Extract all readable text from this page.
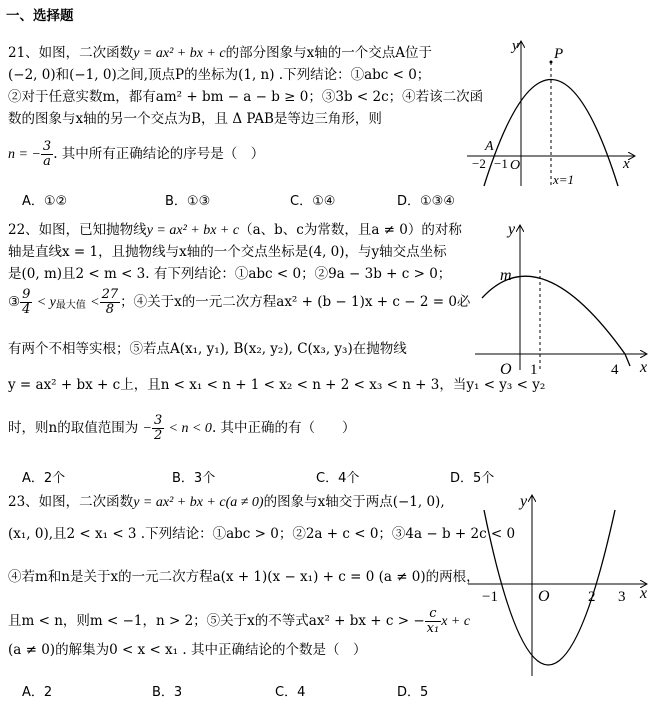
一、选择题
21、如图，二次函数y = ax² + bx + c的部分图象与x轴的一个交点A位于
(−2, 0)和(−1, 0)之间,顶点P的坐标为(1, n) .下列结论：①abc < 0；
②对于任意实数m，都有am² + bm − a − b ≥ 0；③3b < 2c；④若该二次函
数的图象与x轴的另一个交点为B，且 Δ PAB是等边三角形，则
n = − $\frac{3}{a}$ . 其中所有正确结论的序号是（　）
A．①②	B．①③	C．①④	D．①③④
y
x
P
A
O
−2 −1
x=1
22、如图，已知抛物线y = ax² + bx + c（a、b、c为常数，且a ≠ 0）的对称
轴是直线x = 1，且抛物线与x轴的一个交点坐标是(4, 0)，与y轴交点坐标
是(0, m)且2 < m < 3. 有下列结论：①abc < 0；②9a − 3b + c > 0；
③ $\frac{9}{4} < y_{最大值} < \frac{27}{8}$ ；④关于x的一元二次方程ax² + (b − 1)x + c − 2 = 0必
有两个不相等实根；⑤若点A(x₁, y₁), B(x₂, y₂), C(x₃, y₃)在抛物线
y = ax² + bx + c上，且n < x₁ < n + 1 < x₂ < n + 2 < x₃ < n + 3，当y₁ < y₃ < y₂
时，则n的取值范围为 − $\frac{3}{2} < n < 0$. 其中正确的有（　　）
A．2个	B．3个	C．4个	D．5个
y
x
m
O 1	4
23、如图，二次函数y = ax² + bx + c(a ≠ 0)的图象与x轴交于两点(−1, 0),
(x₁, 0),且2 < x₁ < 3 .下列结论：①abc > 0；②2a + c < 0；③4a − b + 2c < 0
④若m和n是关于x的一元二次方程a(x + 1)(x − x₁) + c = 0 (a ≠ 0)的两根，
且m < n，则m < −1，n > 2；⑤关于x的不等式ax² + bx + c > − $\frac{c}{\text{x₁}}$ x + c
(a ≠ 0)的解集为0 < x < x₁ . 其中正确结论的个数是（　）
A．2	B．3	C．4	D．5
y
x
O
−1	2 3
